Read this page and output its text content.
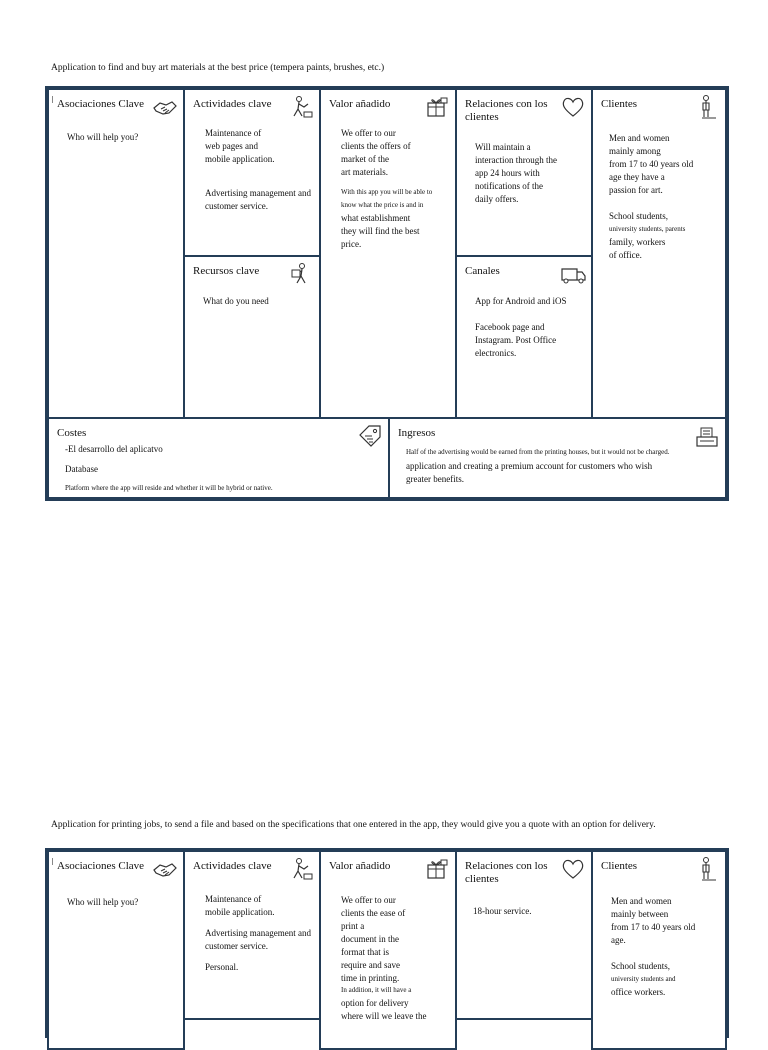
Application to find and buy art materials at the best price (tempera paints, brushes, etc.)
Asociaciones Clave
Who will help you?
Actividades clave

Maintenance of

web pages and

mobile application.

Advertising management and

customer service.

Recursos clave
What do you need
Valor añadido

We offer to our

clients the offers of

market of the

art materials.

With this app you will be able to

know what the price is and in

what establishment

they will find the best

price.

Relaciones con los
clientes

Will maintain a

interaction through the

app 24 hours with

notifications of the

daily offers.

Canales

App for Android and iOS

Facebook page and

Instagram. Post Office

electronics.

Clientes

Men and women

mainly among

from 17 to 40 years old

age they have a

passion for art.

School students,

university students, parents

family, workers

of office.

Costes

-El desarrollo del aplicatvo

Database

Platform where the app will reside and whether it will be hybrid or native.

Ingresos

Half of the advertising would be earned from the printing houses, but it would not be charged.

application and creating a premium account for customers who wish

greater benefits.

Application for printing jobs, to send a file and based on the specifications that one entered in the app, they would give you a quote with an option for delivery.
Asociaciones Clave
Who will help you?
Actividades clave

Maintenance of

mobile application.

Advertising management and

customer service.

Personal.

Valor añadido

We offer to our

clients the ease of

print a

document in the

format that is

require and save

time in printing.

In addition, it will have a

option for delivery

where will we leave the

Relaciones con los
clientes
18-hour service.
Clientes

Men and women

mainly between

from 17 to 40 years old

age.

School students,

university students and

office workers.
